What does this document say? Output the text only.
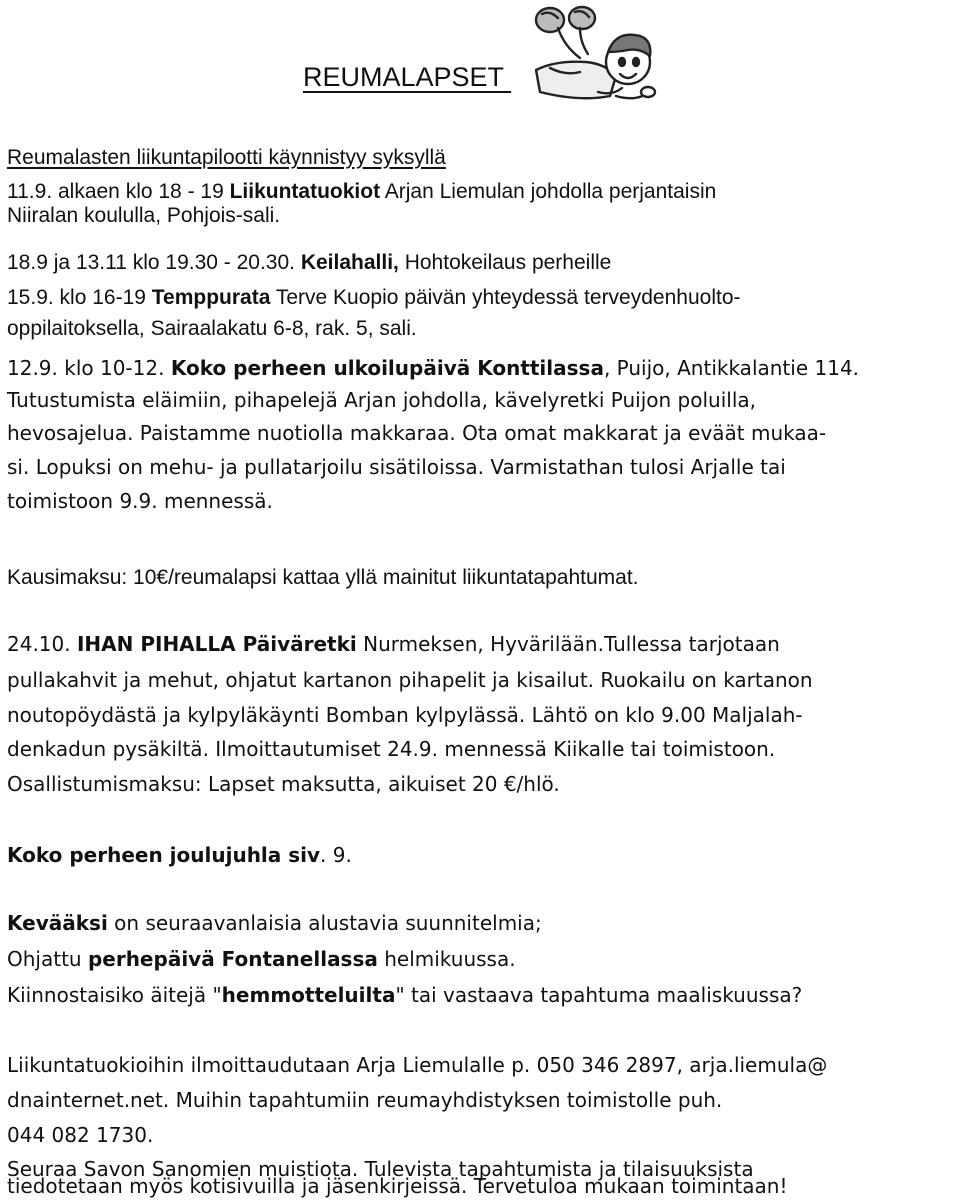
REUMALAPSET
Reumalasten liikuntapilootti käynnistyy syksyllä
11.9. alkaen klo 18 - 19 Liikuntatuokiot Arjan Liemulan johdolla perjantaisin
Niiralan koululla, Pohjois-sali.
18.9 ja 13.11 klo 19.30 - 20.30. Keilahalli, Hohtokeilaus perheille
15.9. klo 16-19 Temppurata Terve Kuopio päivän yhteydessä terveydenhuolto-
oppilaitoksella, Sairaalakatu 6-8, rak. 5, sali.
12.9. klo 10-12. Koko perheen ulkoilupäivä Konttilassa, Puijo, Antikkalantie 114.
Tutustumista eläimiin, pihapelejä Arjan johdolla, kävelyretki Puijon poluilla,
hevosajelua. Paistamme nuotiolla makkaraa. Ota omat makkarat ja eväät mukaa-
si. Lopuksi on mehu- ja pullatarjoilu sisätiloissa. Varmistathan tulosi Arjalle tai
toimistoon 9.9. mennessä.
Kausimaksu: 10€/reumalapsi kattaa yllä mainitut liikuntatapahtumat.
24.10. IHAN PIHALLA Päiväretki Nurmeksen, Hyvärilään.Tullessa tarjotaan
pullakahvit ja mehut, ohjatut kartanon pihapelit ja kisailut. Ruokailu on kartanon
noutopöydästä ja kylpyläkäynti Bomban kylpylässä. Lähtö on klo 9.00 Maljalah-
denkadun pysäkiltä. Ilmoittautumiset 24.9. mennessä Kiikalle tai toimistoon.
Osallistumismaksu: Lapset maksutta, aikuiset 20 €/hlö.
Koko perheen joulujuhla siv. 9.
Kevääksi on seuraavanlaisia alustavia suunnitelmia;
Ohjattu perhepäivä Fontanellassa helmikuussa.
Kiinnostaisiko äitejä "hemmotteluilta" tai vastaava tapahtuma maaliskuussa?
Liikuntatuokioihin ilmoittaudutaan Arja Liemulalle p. 050 346 2897, arja.liemula@
dnainternet.net. Muihin tapahtumiin reumayhdistyksen toimistolle puh.
044 082 1730.
Seuraa Savon Sanomien muistiota. Tulevista tapahtumista ja tilaisuuksista
tiedotetaan myös kotisivuilla ja jäsenkirjeissä. Tervetuloa mukaan toimintaan!
